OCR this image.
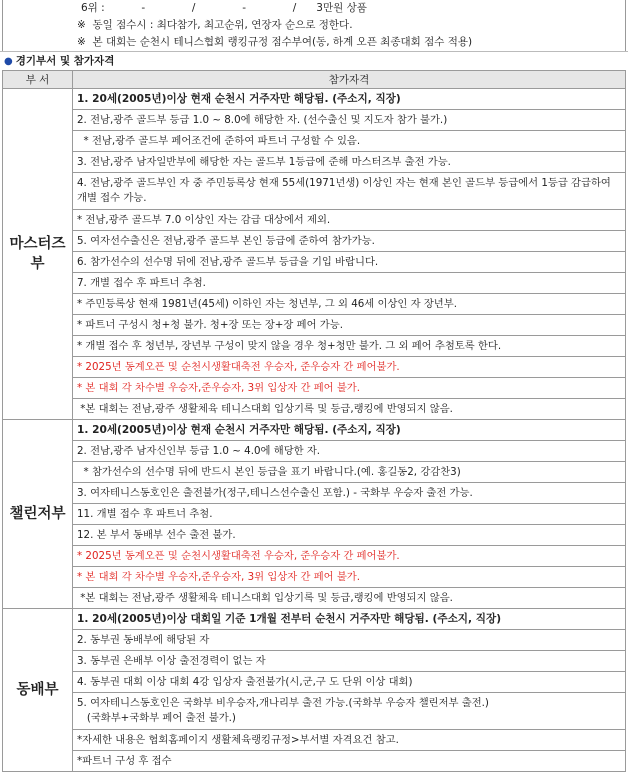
6위 :           -              /              -              /      3만원 상품
※  동일 점수시 : 최다참가, 최고순위, 연장자 순으로 정한다.
※  본 대회는 순천시 테니스협회 랭킹규정 점수부여(동, 하계 오픈 최종대회 점수 적용)
● 경기부서 및 참가자격
부 서	참가자격
마스터즈
부	1. 20세(2005년)이상 현재 순천시 거주자만 해당됨. (주소지, 직장)
	2. 전남,광주 골드부 등급 1.0 ~ 8.0에 해당한 자. (선수출신 및 지도자 참가 불가.)
	* 전남,광주 골드부 페어조건에 준하여 파트너 구성할 수 있음.
	3. 전남,광주 남자일반부에 해당한 자는 골드부 1등급에 준해 마스터즈부 출전 가능.
	4. 전남,광주 골드부인 자 중 주민등록상 현재 55세(1971년생) 이상인 자는 현재 본인 골드부 등급에서 1등급 감급하여 개별 접수 가능.
	* 전남,광주 골드부 7.0 이상인 자는 감급 대상에서 제외.
	5. 여자선수출신은 전남,광주 골드부 본인 등급에 준하여 참가가능.
	6. 참가선수의 선수명 뒤에 전남,광주 골드부 등급을 기입 바랍니다.
	7. 개별 접수 후 파트너 추첨.
	* 주민등록상 현재 1981년(45세) 이하인 자는 청년부, 그 외 46세 이상인 자 장년부.
	* 파트너 구성시 청+청 불가. 청+장 또는 장+장 페어 가능.
	* 개별 접수 후 청년부, 장년부 구성이 맞지 않을 경우 청+청만 불가. 그 외 페어 추첨토록 한다.
	* 2025년 동계오픈 및 순천시생활대축전 우승자, 준우승자 간 페어불가.
	* 본 대회 각 차수별 우승자,준우승자, 3위 입상자 간 페어 불가.
	*본 대회는 전남,광주 생활체육 테니스대회 입상기록 및 등급,랭킹에 반영되지 않음.
챌린저부	1. 20세(2005년)이상 현재 순천시 거주자만 해당됨. (주소지, 직장)
	2. 전남,광주 남자신인부 등급 1.0 ~ 4.0에 해당한 자.
	* 참가선수의 선수명 뒤에 반드시 본인 등급을 표기 바랍니다.(예. 홍길동2, 강감찬3)
	3. 여자테니스동호인은 출전불가(정구,테니스선수출신 포함.) - 국화부 우승자 출전 가능.
	11. 개별 접수 후 파트너 추첨.
	12. 본 부서 동배부 선수 출전 불가.
	* 2025년 동계오픈 및 순천시생활대축전 우승자, 준우승자 간 페어불가.
	* 본 대회 각 차수별 우승자,준우승자, 3위 입상자 간 페어 불가.
	*본 대회는 전남,광주 생활체육 테니스대회 입상기록 및 등급,랭킹에 반영되지 않음.
동배부	1. 20세(2005년)이상 대회일 기준 1개월 전부터 순천시 거주자만 해당됨. (주소지, 직장)
	2. 동부권 동배부에 해당된 자
	3. 동부권 은배부 이상 출전경력이 없는 자
	4. 동부권 대회 이상 대회 4강 입상자 출전불가(시,군,구 도 단위 이상 대회)
	5. 여자테니스동호인은 국화부 비우승자,개나리부 출전 가능.(국화부 우승자 챌린저부 출전.)
(국화부+국화부 페어 출전 불가.)
	*자세한 내용은 협회홈페이지 생활체육랭킹규정>부서별 자격요건 참고.
	*파트너 구성 후 접수
